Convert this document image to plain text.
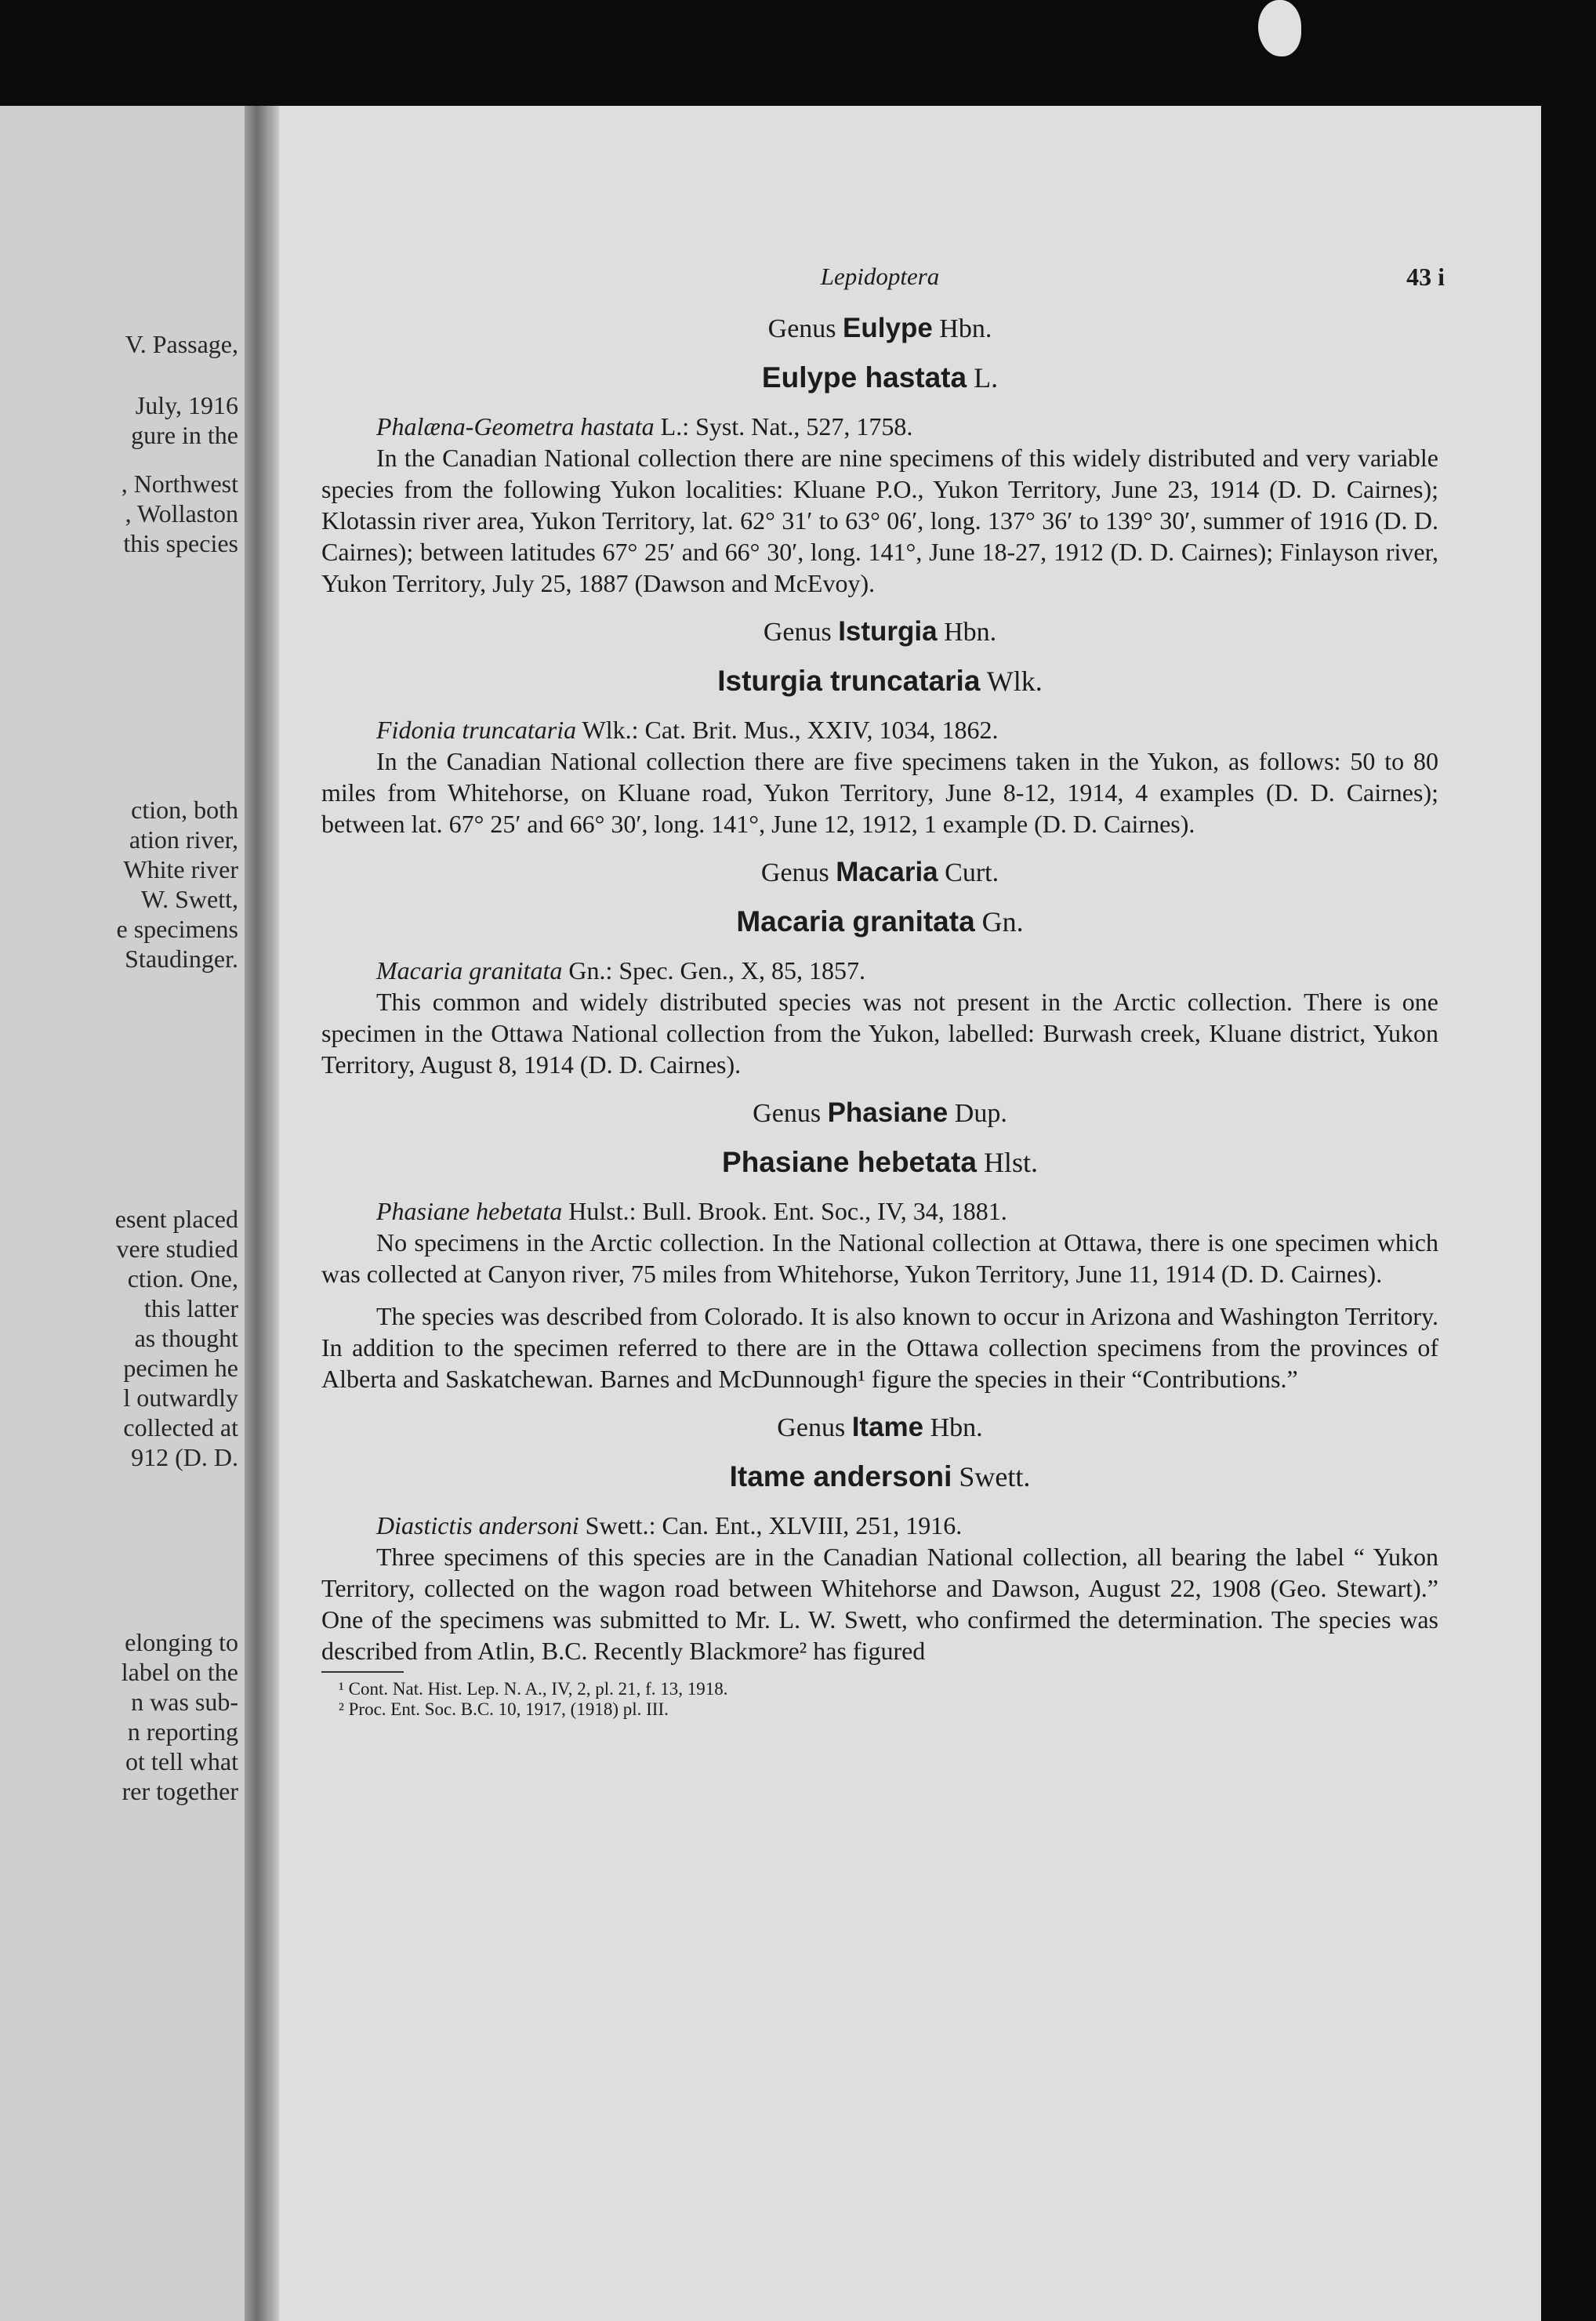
V. Passage,
July, 1916
gure in the
, Northwest
, Wollaston
this species
ction, both
ation river,
White river
W. Swett,
e specimens
Staudinger.
esent placed
vere studied
ction. One,
this latter
as thought
pecimen he
l outwardly
collected at
912 (D. D.
elonging to
label on the
n was sub-
n reporting
ot tell what
rer together
Lepidoptera	43 i

Genus Eulype Hbn.

Eulype hastata L.

Phalæna-Geometra hastata L.: Syst. Nat., 527, 1758.

In the Canadian National collection there are nine specimens of this widely distributed and very variable species from the following Yukon localities: Kluane P.O., Yukon Territory, June 23, 1914 (D. D. Cairnes); Klotassin river area, Yukon Territory, lat. 62° 31′ to 63° 06′, long. 137° 36′ to 139° 30′, summer of 1916 (D. D. Cairnes); between latitudes 67° 25′ and 66° 30′, long. 141°, June 18-27, 1912 (D. D. Cairnes); Finlayson river, Yukon Territory, July 25, 1887 (Dawson and McEvoy).

Genus Isturgia Hbn.

Isturgia truncataria Wlk.

Fidonia truncataria Wlk.: Cat. Brit. Mus., XXIV, 1034, 1862.

In the Canadian National collection there are five specimens taken in the Yukon, as follows: 50 to 80 miles from Whitehorse, on Kluane road, Yukon Territory, June 8-12, 1914, 4 examples (D. D. Cairnes); between lat. 67° 25′ and 66° 30′, long. 141°, June 12, 1912, 1 example (D. D. Cairnes).

Genus Macaria Curt.

Macaria granitata Gn.

Macaria granitata Gn.: Spec. Gen., X, 85, 1857.

This common and widely distributed species was not present in the Arctic collection. There is one specimen in the Ottawa National collection from the Yukon, labelled: Burwash creek, Kluane district, Yukon Territory, August 8, 1914 (D. D. Cairnes).

Genus Phasiane Dup.

Phasiane hebetata Hlst.

Phasiane hebetata Hulst.: Bull. Brook. Ent. Soc., IV, 34, 1881.

No specimens in the Arctic collection. In the National collection at Ottawa, there is one specimen which was collected at Canyon river, 75 miles from Whitehorse, Yukon Territory, June 11, 1914 (D. D. Cairnes).

The species was described from Colorado. It is also known to occur in Arizona and Washington Territory. In addition to the specimen referred to there are in the Ottawa collection specimens from the provinces of Alberta and Saskatchewan. Barnes and McDunnough¹ figure the species in their “Contributions.”

Genus Itame Hbn.

Itame andersoni Swett.

Diastictis andersoni Swett.: Can. Ent., XLVIII, 251, 1916.

Three specimens of this species are in the Canadian National collection, all bearing the label “ Yukon Territory, collected on the wagon road between Whitehorse and Dawson, August 22, 1908 (Geo. Stewart).” One of the specimens was submitted to Mr. L. W. Swett, who confirmed the determination. The species was described from Atlin, B.C. Recently Blackmore² has figured

¹ Cont. Nat. Hist. Lep. N. A., IV, 2, pl. 21, f. 13, 1918.
² Proc. Ent. Soc. B.C. 10, 1917, (1918) pl. III.
